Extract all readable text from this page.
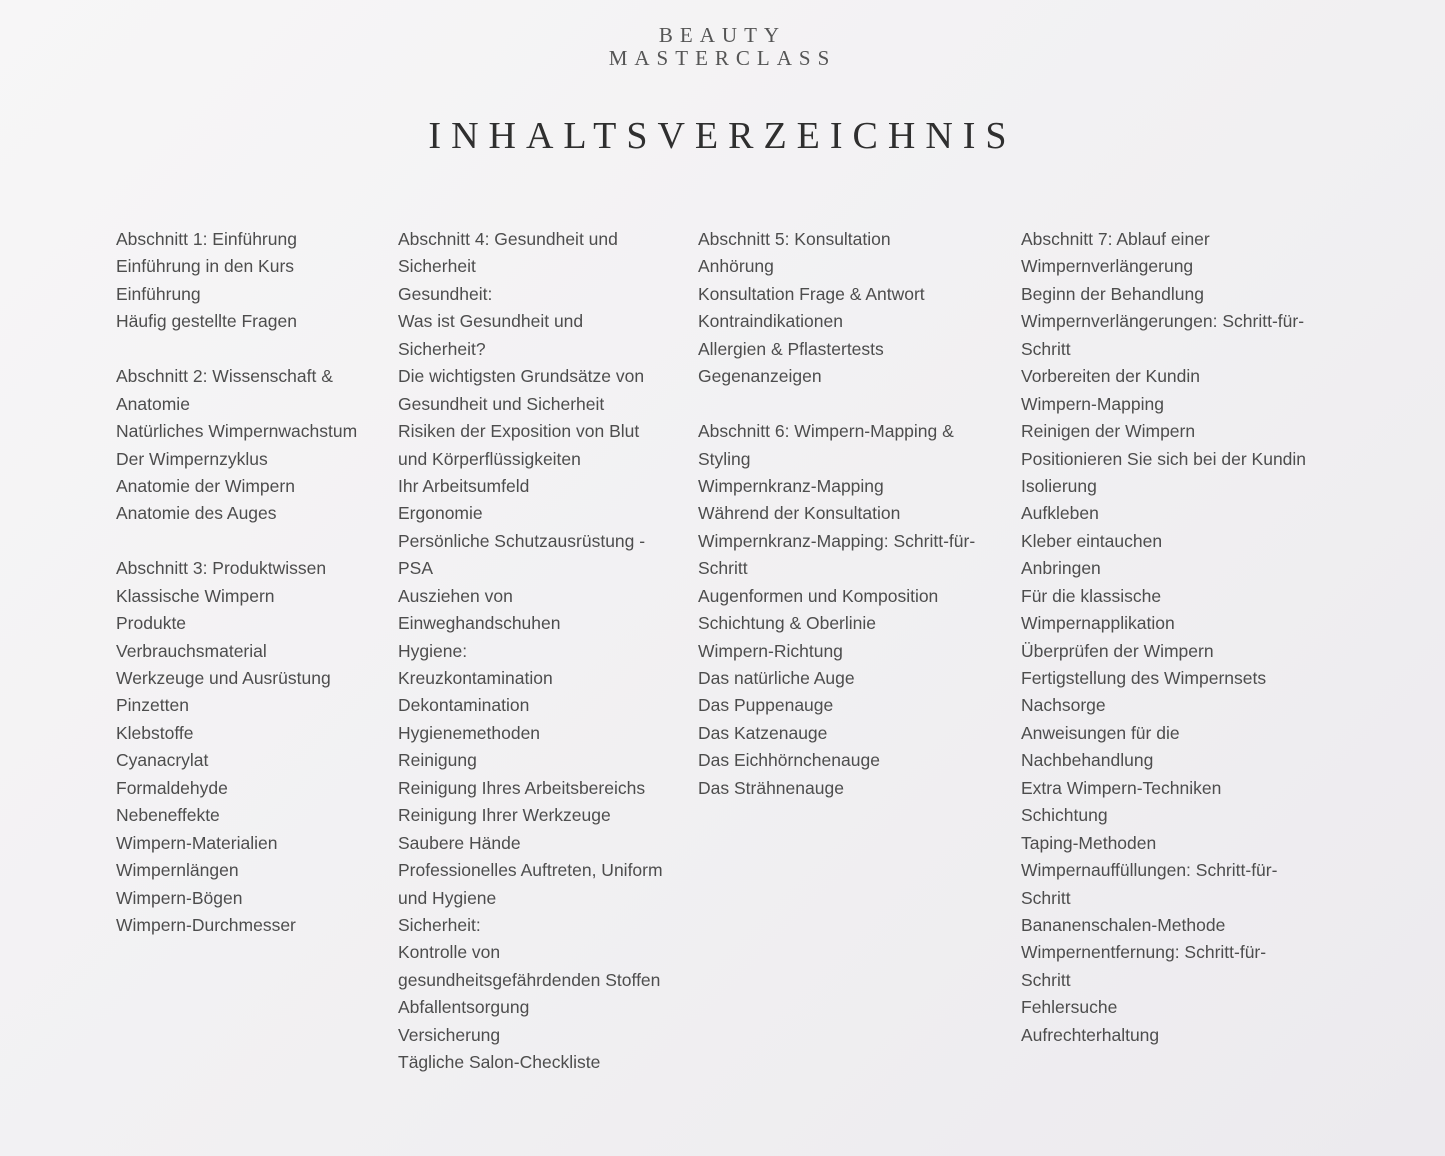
BEAUTY
MASTERCLASS
INHALTSVERZEICHNIS
Abschnitt 1: Einführung
Einführung in den Kurs
Einführung
Häufig gestellte Fragen
Abschnitt 2: Wissenschaft &
Anatomie
Natürliches Wimpernwachstum
Der Wimpernzyklus
Anatomie der Wimpern
Anatomie des Auges
Abschnitt 3: Produktwissen
Klassische Wimpern
Produkte
Verbrauchsmaterial
Werkzeuge und Ausrüstung
Pinzetten
Klebstoffe
Cyanacrylat
Formaldehyde
Nebeneffekte
Wimpern-Materialien
Wimpernlängen
Wimpern-Bögen
Wimpern-Durchmesser
Abschnitt 4: Gesundheit und
Sicherheit
Gesundheit:
Was ist Gesundheit und
Sicherheit?
Die wichtigsten Grundsätze von
Gesundheit und Sicherheit
Risiken der Exposition von Blut
und Körperflüssigkeiten
Ihr Arbeitsumfeld
Ergonomie
Persönliche Schutzausrüstung -
PSA
Ausziehen von
Einweghandschuhen
Hygiene:
Kreuzkontamination
Dekontamination
Hygienemethoden
Reinigung
Reinigung Ihres Arbeitsbereichs
Reinigung Ihrer Werkzeuge
Saubere Hände
Professionelles Auftreten, Uniform
und Hygiene
Sicherheit:
Kontrolle von
gesundheitsgefährdenden Stoffen
Abfallentsorgung
Versicherung
Tägliche Salon-Checkliste
Abschnitt 5: Konsultation
Anhörung
Konsultation Frage & Antwort
Kontraindikationen
Allergien & Pflastertests
Gegenanzeigen
Abschnitt 6: Wimpern-Mapping &
Styling
Wimpernkranz-Mapping
Während der Konsultation
Wimpernkranz-Mapping: Schritt-für-
Schritt
Augenformen und Komposition
Schichtung & Oberlinie
Wimpern-Richtung
Das natürliche Auge
Das Puppenauge
Das Katzenauge
Das Eichhörnchenauge
Das Strähnenauge
Abschnitt 7: Ablauf einer
Wimpernverlängerung
Beginn der Behandlung
Wimpernverlängerungen: Schritt-für-
Schritt
Vorbereiten der Kundin
Wimpern-Mapping
Reinigen der Wimpern
Positionieren Sie sich bei der Kundin
Isolierung
Aufkleben
Kleber eintauchen
Anbringen
Für die klassische
Wimpernapplikation
Überprüfen der Wimpern
Fertigstellung des Wimpernsets
Nachsorge
Anweisungen für die
Nachbehandlung
Extra Wimpern-Techniken
Schichtung
Taping-Methoden
Wimpernauffüllungen: Schritt-für-
Schritt
Bananenschalen-Methode
Wimpernentfernung: Schritt-für-
Schritt
Fehlersuche
Aufrechterhaltung
